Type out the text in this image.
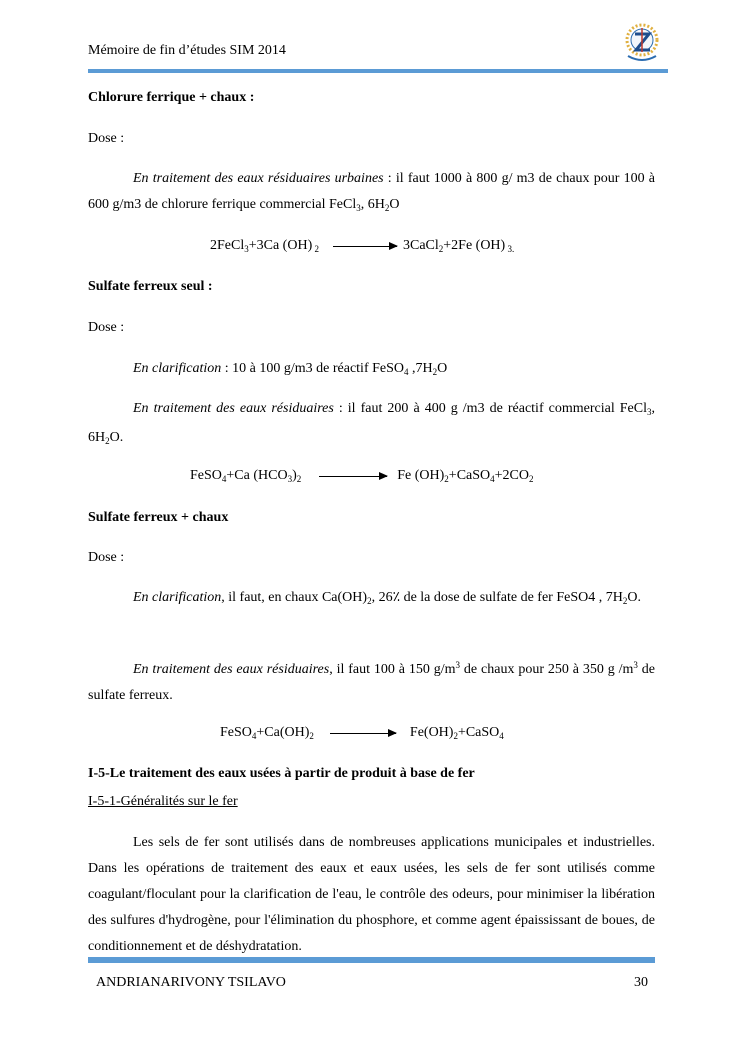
Mémoire de fin d’études SIM 2014
Chlorure ferrique + chaux :
Dose :
En traitement des eaux résiduaires urbaines : il faut 1000 à 800 g/ m3 de chaux pour 100 à 600 g/m3 de chlorure ferrique commercial FeCl$_3$, $6H_2O$
2FeCl$_3$+3Ca (OH) $_2$	3CaCl$_2$+2Fe (OH) $_{3.}$
Sulfate ferreux seul :
Dose :
En clarification : 10 à 100 g/m3 de réactif FeSO$_4$ $,7H_2O$
En traitement des eaux résiduaires : il faut 200 à 400 g /m3 de réactif commercial FeCl$_3$, $6H_2O$.
FeSO$_4$+Ca $(HCO_3)_2$	Fe $(OH)_2+CaSO_4+2CO_2$
Sulfate ferreux + chaux
Dose :
En clarification, il faut, en chaux $Ca(OH)_2$, 26٪ de la dose de sulfate de fer FeSO4 , $7H_2O$.
En traitement des eaux résiduaires, il faut 100 à 150 $g/m^3$ de chaux pour 250 à 350 g $/m^3$ de sulfate ferreux.
$FeSO_4+Ca(OH)_2$	$Fe(OH)_2+CaSO_4$
I-5-Le traitement des eaux usées à partir de produit à base de fer
I-5-1-Généralités sur le fer
Les sels de fer sont utilisés dans de nombreuses applications municipales et industrielles. Dans les opérations de traitement des eaux et eaux usées, les sels de fer sont utilisés comme coagulant/floculant pour la clarification de l'eau, le contrôle des odeurs, pour minimiser la libération des sulfures d'hydrogène, pour l'élimination du phosphore, et comme agent épaississant de boues, de conditionnement et de déshydratation.
ANDRIANARIVONY TSILAVO	30
